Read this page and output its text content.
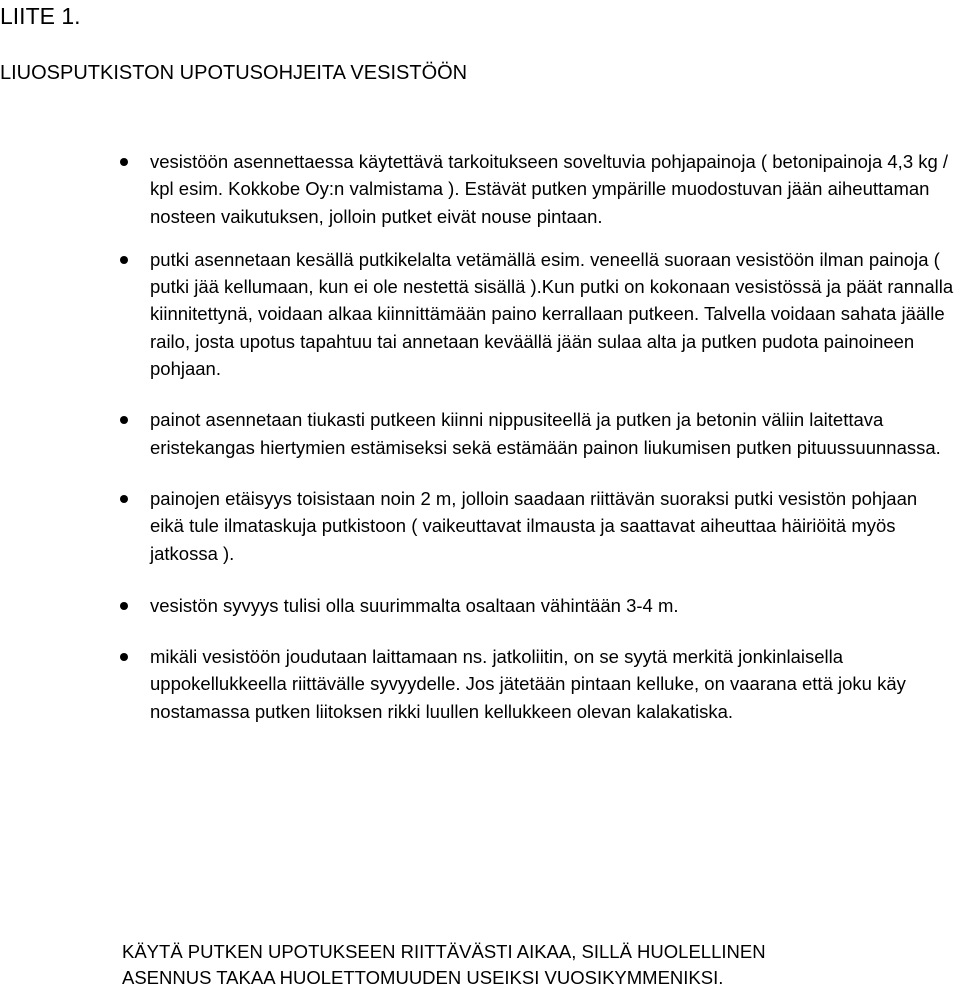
LIITE 1.
LIUOSPUTKISTON UPOTUSOHJEITA VESISTÖÖN
vesistöön asennettaessa käytettävä tarkoitukseen soveltuvia pohjapainoja ( betonipainoja 4,3 kg / kpl esim. Kokkobe Oy:n valmistama ). Estävät putken ympärille muodostuvan jään aiheuttaman nosteen vaikutuksen, jolloin putket eivät nouse pintaan.
putki asennetaan kesällä putkikelalta vetämällä esim. veneellä suoraan vesistöön ilman painoja ( putki jää kellumaan, kun ei ole nestettä sisällä ).Kun putki on kokonaan vesistössä ja päät rannalla kiinnitettynä, voidaan alkaa kiinnittämään paino kerrallaan putkeen. Talvella voidaan sahata jäälle railo, josta upotus tapahtuu tai annetaan keväällä jään sulaa alta ja putken pudota painoineen pohjaan.
painot asennetaan tiukasti putkeen kiinni nippusiteellä ja putken ja betonin väliin laitettava eristekangas hiertymien estämiseksi sekä estämään painon liukumisen putken pituussuunnassa.
painojen etäisyys toisistaan noin 2 m, jolloin saadaan riittävän suoraksi putki vesistön pohjaan eikä tule ilmataskuja putkistoon ( vaikeuttavat ilmausta ja saattavat aiheuttaa häiriöitä myös jatkossa ).
vesistön syvyys tulisi olla suurimmalta osaltaan vähintään 3-4 m.
mikäli vesistöön joudutaan laittamaan ns. jatkoliitin, on se syytä merkitä jonkinlaisella uppokellukkeella riittävälle syvyydelle. Jos jätetään pintaan kelluke, on vaarana että joku käy nostamassa putken liitoksen rikki luullen kellukkeen olevan kalakatiska.

KÄYTÄ PUTKEN UPOTUKSEEN RIITTÄVÄSTI AIKAA, SILLÄ HUOLELLINEN
ASENNUS TAKAA HUOLETTOMUUDEN USEIKSI VUOSIKYMMENIKSI.
